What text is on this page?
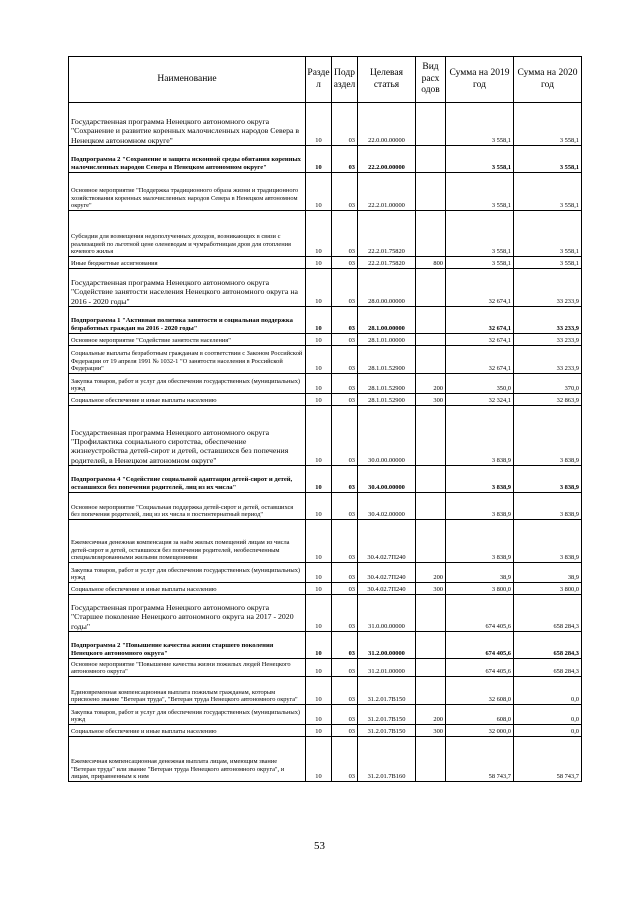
Наименование	Разде л	Подр аздел	Целевая статья	Вид расх одов	Сумма на 2019 год	Сумма на 2020 год
Государственная программа Ненецкого автономного округа "Сохранение и развитие коренных малочисленных народов Севера в Ненецком автономном округе"	10	03	22.0.00.00000		3 558,1	3 558,1
Подпрограмма 2 "Сохранение и защита исконной среды обитания коренных малочисленных народов Севера в Ненецком автономном округе"	10	03	22.2.00.00000		3 558,1	3 558,1
Основное мероприятие "Поддержка традиционного образа жизни и традиционного хозяйствования коренных малочисленных народов Севера в Ненецком автономном округе"	10	03	22.2.01.00000		3 558,1	3 558,1
Субсидии для возмещения недополученных доходов, возникающих в связи с реализацией по льготной цене оленеводам и чумработницам дров для отопления кочевого жилья	10	03	22.2.01.75820		3 558,1	3 558,1
Иные бюджетные ассигнования	10	03	22.2.01.75820	800	3 558,1	3 558,1
Государственная программа Ненецкого автономного округа "Содействие занятости населения Ненецкого автономного округа на 2016 - 2020 годы"	10	03	28.0.00.00000		32 674,1	33 233,9
Подпрограмма 1 "Активная политика занятости и социальная поддержка безработных граждан на 2016 - 2020 годы"	10	03	28.1.00.00000		32 674,1	33 233,9
Основное мероприятие "Содействие занятости населения"	10	03	28.1.01.00000		32 674,1	33 233,9
Социальные выплаты безработным гражданам в соответствии с Законом Российской Федерации от 19 апреля 1991 № 1032-1 "О занятости населения в Российской Федерации"	10	03	28.1.01.52900		32 674,1	33 233,9
Закупка товаров, работ и услуг для обеспечения государственных (муниципальных) нужд	10	03	28.1.01.52900	200	350,0	370,0
Социальное обеспечение и иные выплаты населению	10	03	28.1.01.52900	300	32 324,1	32 863,9
Государственная программа Ненецкого автономного округа "Профилактика социального сиротства, обеспечение жизнеустройства детей-сирот и детей, оставшихся без попечения родителей, в Ненецком автономном округе"	10	03	30.0.00.00000		3 838,9	3 838,9
Подпрограмма 4 "Содействие социальной адаптации детей-сирот и детей, оставшихся без попечения родителей, лиц из их числа"	10	03	30.4.00.00000		3 838,9	3 838,9
Основное мероприятие "Социальная поддержка детей-сирот и детей, оставшихся без попечения родителей, лиц из их числа в постинтернатный период"	10	03	30.4.02.00000		3 838,9	3 838,9
Ежемесячная денежная компенсация за наём жилых помещений лицам из числа детей-сирот и детей, оставшихся без попечения родителей, необеспеченным специализированными жилыми помещениями	10	03	30.4.02.7П240		3 838,9	3 838,9
Закупка товаров, работ и услуг для обеспечения государственных (муниципальных) нужд	10	03	30.4.02.7П240	200	38,9	38,9
Социальное обеспечение и иные выплаты населению	10	03	30.4.02.7П240	300	3 800,0	3 800,0
Государственная программа Ненецкого автономного округа "Старшее поколение Ненецкого автономного округа на 2017 - 2020 годы"	10	03	31.0.00.00000		674 405,6	658 284,3
Подпрограмма 2 "Повышение качества жизни старшего поколения Ненецкого автономного округа"	10	03	31.2.00.00000		674 405,6	658 284,3
Основное мероприятие "Повышение качества жизни пожилых людей Ненецкого автономного округа"	10	03	31.2.01.00000		674 405,6	658 284,3
Единовременная компенсационная выплата пожилым гражданам, которым присвоено звание "Ветеран труда", "Ветеран труда Ненецкого автономного округа"	10	03	31.2.01.7В150		32 608,0	0,0
Закупка товаров, работ и услуг для обеспечения государственных (муниципальных) нужд	10	03	31.2.01.7В150	200	608,0	0,0
Социальное обеспечение и иные выплаты населению	10	03	31.2.01.7В150	300	32 000,0	0,0
Ежемесячная компенсационная денежная выплата лицам, имеющим звание "Ветеран труда" или звание "Ветеран труда Ненецкого автономного округа", и лицам, приравненным к ним	10	03	31.2.01.7В160		58 743,7	58 743,7
53
